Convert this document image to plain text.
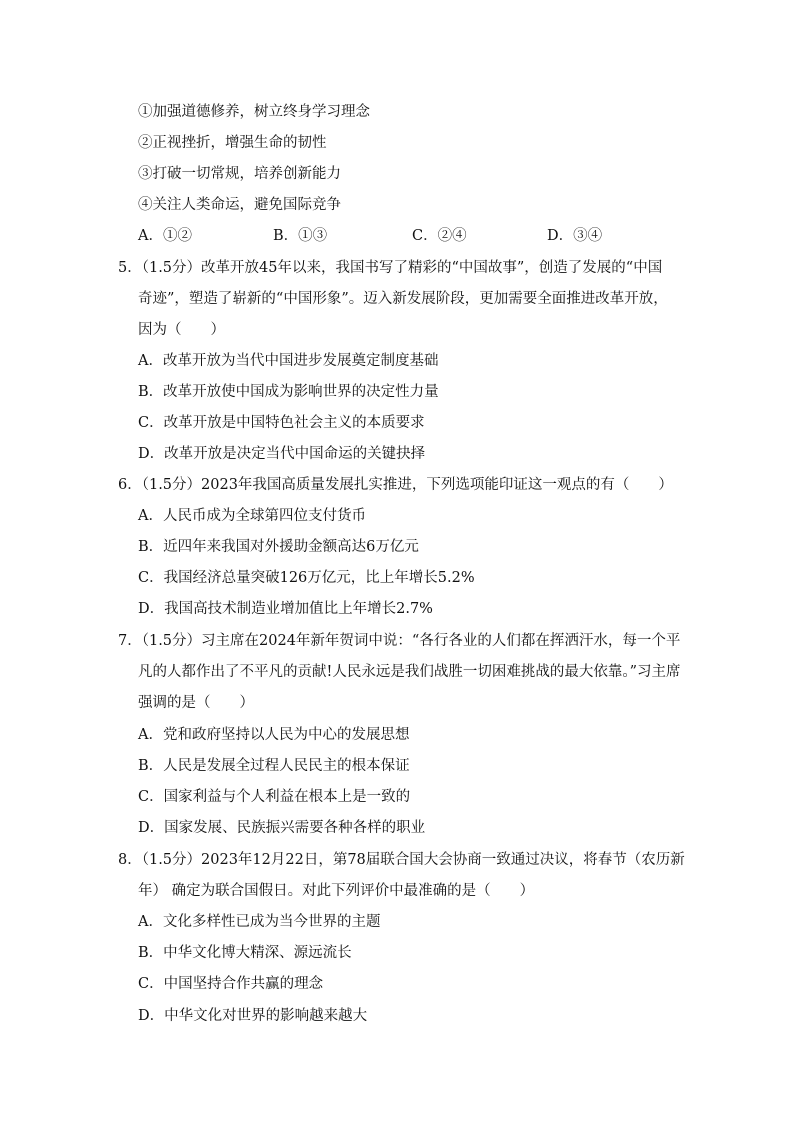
①加强道德修养，树立终身学习理念
②正视挫折，增强生命的韧性
③打破一切常规，培养创新能力
④关注人类命运，避免国际竞争
A．①②	B．①③	C．②④	D．③④
5．（1.5分）改革开放45年以来，我国书写了精彩的“中国故事”，创造了发展的“中国
奇迹”，塑造了崭新的“中国形象”。迈入新发展阶段，更加需要全面推进改革开放，
因为（　　）
A．改革开放为当代中国进步发展奠定制度基础
B．改革开放使中国成为影响世界的决定性力量
C．改革开放是中国特色社会主义的本质要求
D．改革开放是决定当代中国命运的关键抉择
6．（1.5分）2023年我国高质量发展扎实推进，下列选项能印证这一观点的有（　　）
A．人民币成为全球第四位支付货币
B．近四年来我国对外援助金额高达6万亿元
C．我国经济总量突破126万亿元，比上年增长5.2%
D．我国高技术制造业增加值比上年增长2.7%
7．（1.5分）习主席在2024年新年贺词中说：“各行各业的人们都在挥洒汗水，每一个平
凡的人都作出了不平凡的贡献!人民永远是我们战胜一切困难挑战的最大依靠。”习主席
强调的是（　　）
A．党和政府坚持以人民为中心的发展思想
B．人民是发展全过程人民民主的根本保证
C．国家利益与个人利益在根本上是一致的
D．国家发展、民族振兴需要各种各样的职业
8．（1.5分）2023年12月22日，第78届联合国大会协商一致通过决议，将春节（农历新
年） 确定为联合国假日。对此下列评价中最准确的是（　　）
A．文化多样性已成为当今世界的主题
B．中华文化博大精深、源远流长
C．中国坚持合作共赢的理念
D．中华文化对世界的影响越来越大
